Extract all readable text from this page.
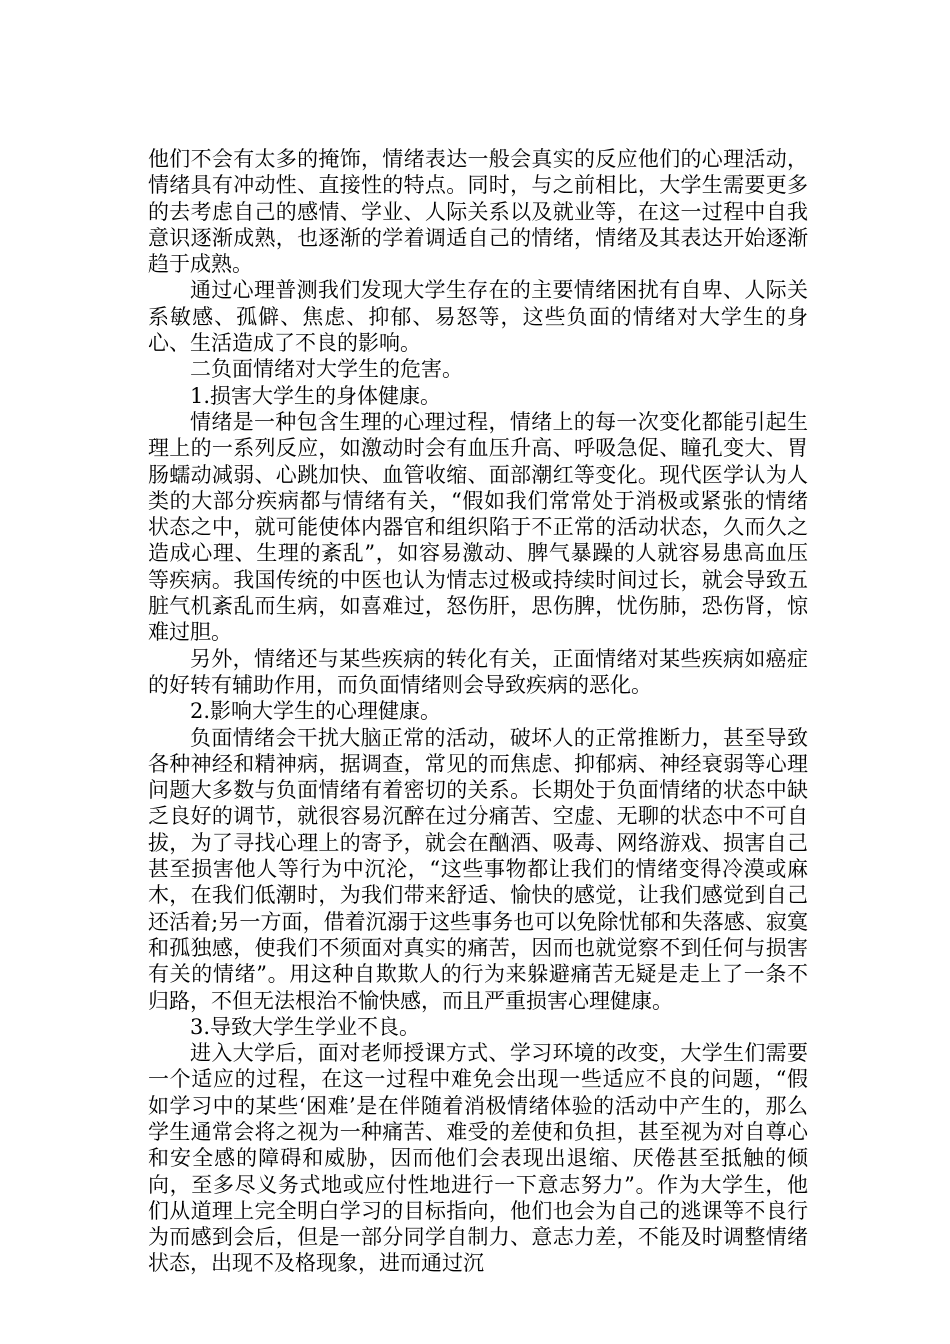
他们不会有太多的掩饰，情绪表达一般会真实的反应他们的心理活动，情绪具有冲动性、直接性的特点。同时，与之前相比，大学生需要更多的去考虑自己的感情、学业、人际关系以及就业等，在这一过程中自我意识逐渐成熟，也逐渐的学着调适自己的情绪，情绪及其表达开始逐渐趋于成熟。

通过心理普测我们发现大学生存在的主要情绪困扰有自卑、人际关系敏感、孤僻、焦虑、抑郁、易怒等，这些负面的情绪对大学生的身心、生活造成了不良的影响。

二负面情绪对大学生的危害。

1.损害大学生的身体健康。

情绪是一种包含生理的心理过程，情绪上的每一次变化都能引起生理上的一系列反应，如激动时会有血压升高、呼吸急促、瞳孔变大、胃肠蠕动减弱、心跳加快、血管收缩、面部潮红等变化。现代医学认为人类的大部分疾病都与情绪有关，“假如我们常常处于消极或紧张的情绪状态之中，就可能使体内器官和组织陷于不正常的活动状态，久而久之造成心理、生理的紊乱”，如容易激动、脾气暴躁的人就容易患高血压等疾病。我国传统的中医也认为情志过极或持续时间过长，就会导致五脏气机紊乱而生病，如喜难过，怒伤肝，思伤脾，忧伤肺，恐伤肾，惊难过胆。

另外，情绪还与某些疾病的转化有关，正面情绪对某些疾病如癌症的好转有辅助作用，而负面情绪则会导致疾病的恶化。

2.影响大学生的心理健康。

负面情绪会干扰大脑正常的活动，破坏人的正常推断力，甚至导致各种神经和精神病，据调查，常见的而焦虑、抑郁病、神经衰弱等心理问题大多数与负面情绪有着密切的关系。长期处于负面情绪的状态中缺乏良好的调节，就很容易沉醉在过分痛苦、空虚、无聊的状态中不可自拔，为了寻找心理上的寄予，就会在酗酒、吸毒、网络游戏、损害自己甚至损害他人等行为中沉沦，“这些事物都让我们的情绪变得冷漠或麻木，在我们低潮时，为我们带来舒适、愉快的感觉，让我们感觉到自己还活着;另一方面，借着沉溺于这些事务也可以免除忧郁和失落感、寂寞和孤独感，使我们不须面对真实的痛苦，因而也就觉察不到任何与损害有关的情绪”。用这种自欺欺人的行为来躲避痛苦无疑是走上了一条不归路，不但无法根治不愉快感，而且严重损害心理健康。

3.导致大学生学业不良。

进入大学后，面对老师授课方式、学习环境的改变，大学生们需要一个适应的过程，在这一过程中难免会出现一些适应不良的问题，“假如学习中的某些‘困难’是在伴随着消极情绪体验的活动中产生的，那么学生通常会将之视为一种痛苦、难受的差使和负担，甚至视为对自尊心和安全感的障碍和威胁，因而他们会表现出退缩、厌倦甚至抵触的倾向，至多尽义务式地或应付性地进行一下意志努力”。作为大学生，他们从道理上完全明白学习的目标指向，他们也会为自己的逃课等不良行为而感到会后，但是一部分同学自制力、意志力差，不能及时调整情绪状态，出现不及格现象，进而通过沉
